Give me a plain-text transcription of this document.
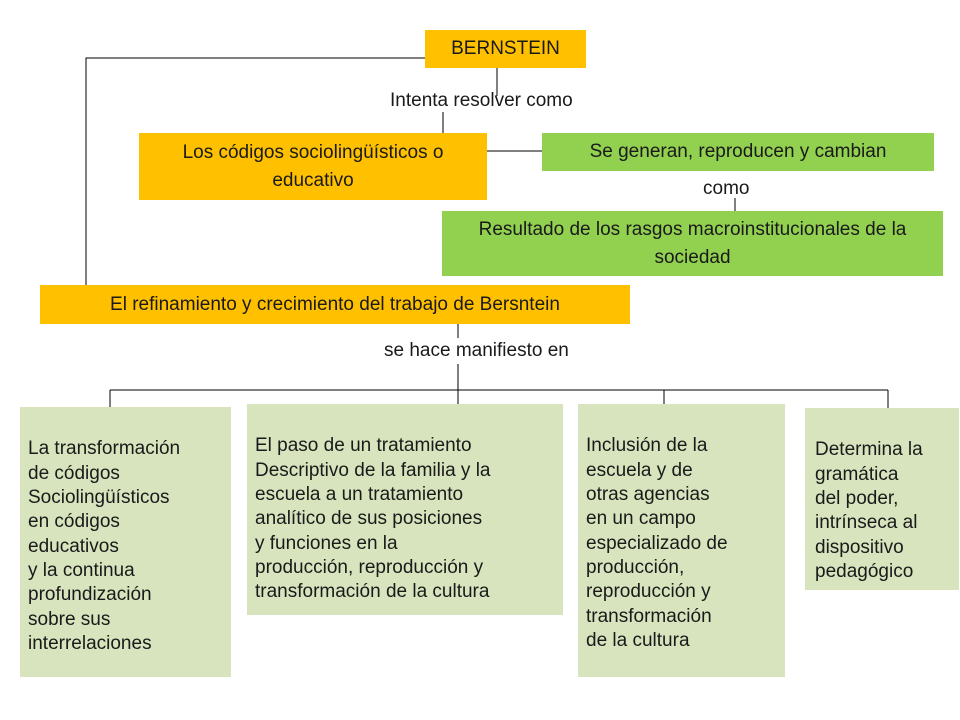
BERNSTEIN
Intenta resolver como
Los códigos sociolingüísticos o educativo
Se generan, reproducen y cambian
como
Resultado de los rasgos macroinstitucionales de la sociedad
El refinamiento y crecimiento del trabajo de Bersntein
se hace manifiesto en

La transformación
de códigos
Sociolingüísticos
en códigos
educativos
y la continua
profundización
sobre sus
interrelaciones

El paso de un tratamiento
Descriptivo de la familia y la
escuela a un tratamiento
analítico de sus posiciones
y funciones en la
producción, reproducción y
transformación de la cultura

Inclusión de la
escuela y de
otras agencias
en un campo
especializado de
producción,
reproducción y
transformación
de la cultura

Determina la
gramática
del poder,
intrínseca al
dispositivo
pedagógico
